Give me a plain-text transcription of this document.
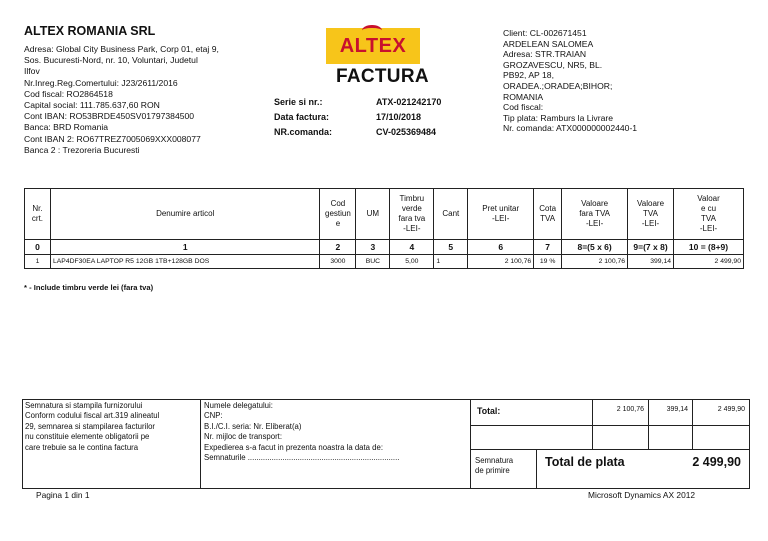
ALTEX ROMANIA SRL
Adresa: Global City Business Park, Corp 01, etaj 9,
Sos. Bucuresti-Nord, nr. 10, Voluntari, Judetul
Ilfov
Nr.Inreg.Reg.Comertului: J23/2611/2016
Cod fiscal: RO2864518
Capital social: 111.785.637,60 RON
Cont IBAN: RO53BRDE450SV01797384500
Banca: BRD Romania
Cont IBAN 2: RO67TREZ7005069XXX008077
Banca 2 : Trezoreria Bucuresti
ALTEX
FACTURA
Serie si nr.:	ATX-021242170
Data factura:	17/10/2018
NR.comanda:	CV-025369484
Client: CL-002671451
ARDELEAN SALOMEA
Adresa: STR.TRAIAN
GROZAVESCU, NR5, BL.
PB92, AP 18,
ORADEA.;ORADEA;BIHOR;
ROMANIA
Cod fiscal:
Tip plata: Ramburs la Livrare
Nr. comanda: ATX000000002440-1
Nr.
crt.	Denumire articol	Cod
gestiun
e	UM	Timbru
verde
fara tva
-LEI-	Cant	Pret unitar
-LEI-	Cota
TVA	Valoare
fara TVA
-LEI-	Valoare
TVA
-LEI-	Valoar
e cu
TVA
-LEI-
0	1	2	3	4	5	6	7	8=(5 x 6)	9=(7 x 8)	10 = (8+9)
1	LAP4DF30EA LAPTOP R5 12GB 1TB+128GB DOS	3000	BUC	5,00	1	2 100,76	19 %	2 100,76	399,14	2 499,90
* - Include timbru verde lei (fara tva)
Semnatura si stampila furnizorului
Conform codului fiscal art.319 alineatul
29, semnarea si stampilarea facturilor
nu constituie elemente obligatorii pe
care trebuie sa le contina factura
Numele delegatului:
CNP:
B.I./C.I. seria: Nr. Eliberat(a)
Nr. mijloc de transport:
Expedierea s-a facut in prezenta noastra la data de:
Semnaturile ......................................................................
Total:	2 100,76	399,14	2 499,90
Semnatura
de primire
Total de plata	2 499,90
Pagina 1 din 1	Microsoft Dynamics AX 2012
